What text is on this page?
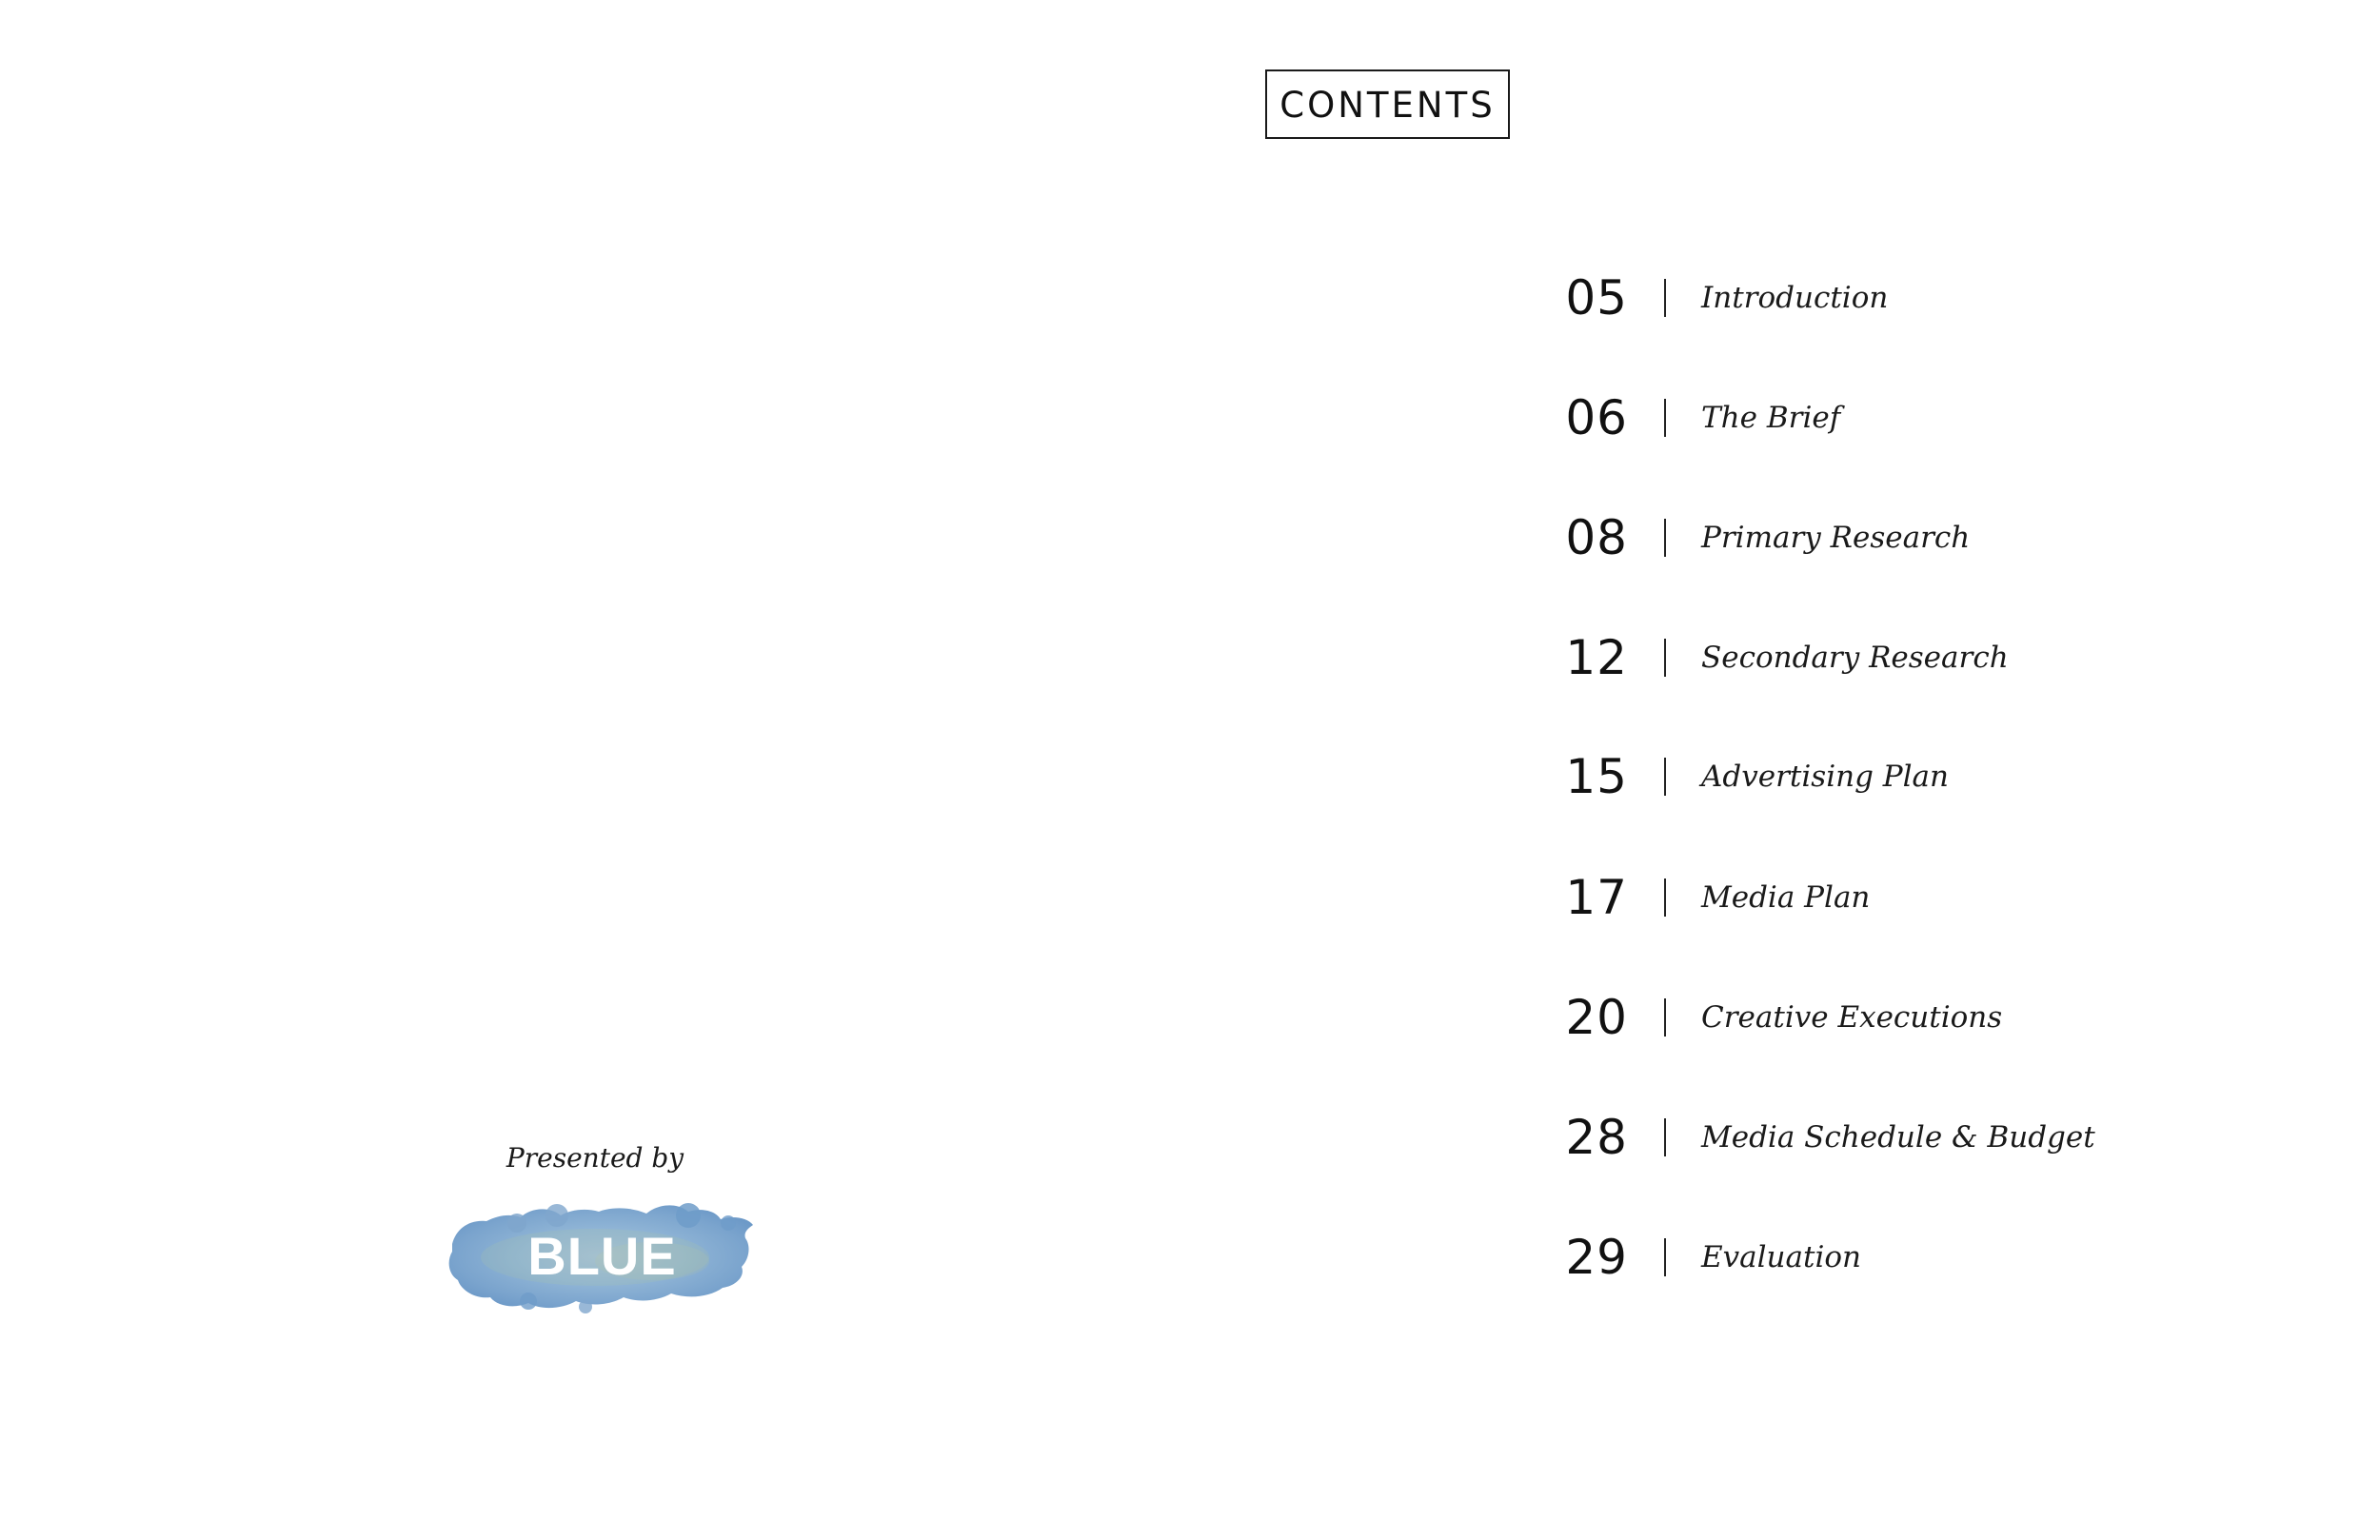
CONTENTS
05 Introduction
06 The Brief
08 Primary Research
12 Secondary Research
15 Advertising Plan
17 Media Plan
20 Creative Executions
28 Media Schedule & Budget
29 Evaluation
Presented by
BLUE
